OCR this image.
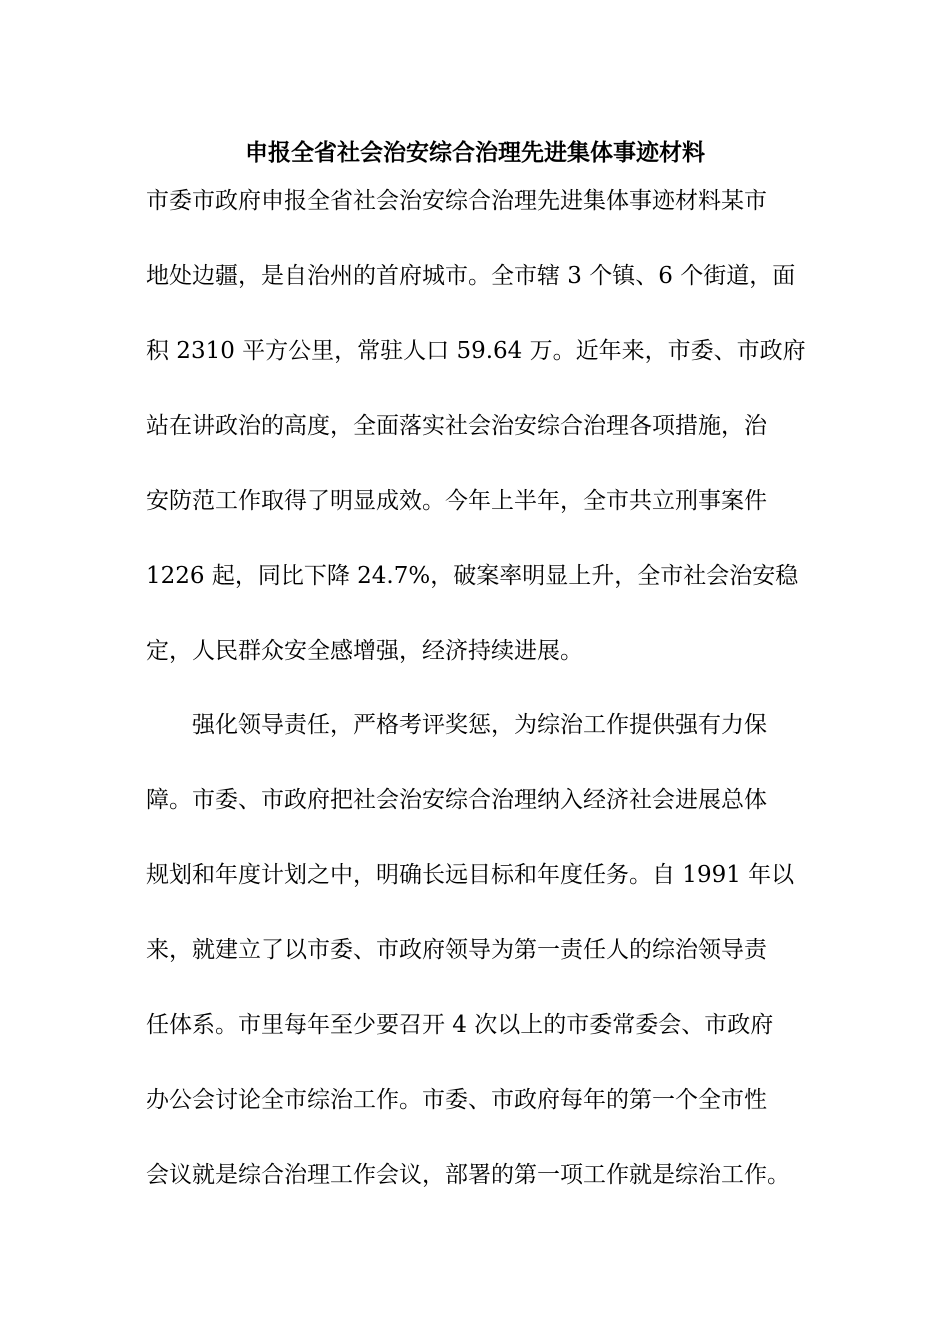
申报全省社会治安综合治理先进集体事迹材料
市委市政府申报全省社会治安综合治理先进集体事迹材料某市
地处边疆，是自治州的首府城市。全市辖 3 个镇、6 个街道，面
积 2310 平方公里，常驻人口 59.64 万。近年来，市委、市政府
站在讲政治的高度，全面落实社会治安综合治理各项措施，治
安防范工作取得了明显成效。今年上半年，全市共立刑事案件
1226 起，同比下降 24.7%，破案率明显上升，全市社会治安稳
定，人民群众安全感增强，经济持续进展。
　　强化领导责任，严格考评奖惩，为综治工作提供强有力保
障。市委、市政府把社会治安综合治理纳入经济社会进展总体
规划和年度计划之中，明确长远目标和年度任务。自 1991 年以
来，就建立了以市委、市政府领导为第一责任人的综治领导责
任体系。市里每年至少要召开 4 次以上的市委常委会、市政府
办公会讨论全市综治工作。市委、市政府每年的第一个全市性
会议就是综合治理工作会议，部署的第一项工作就是综治工作。
